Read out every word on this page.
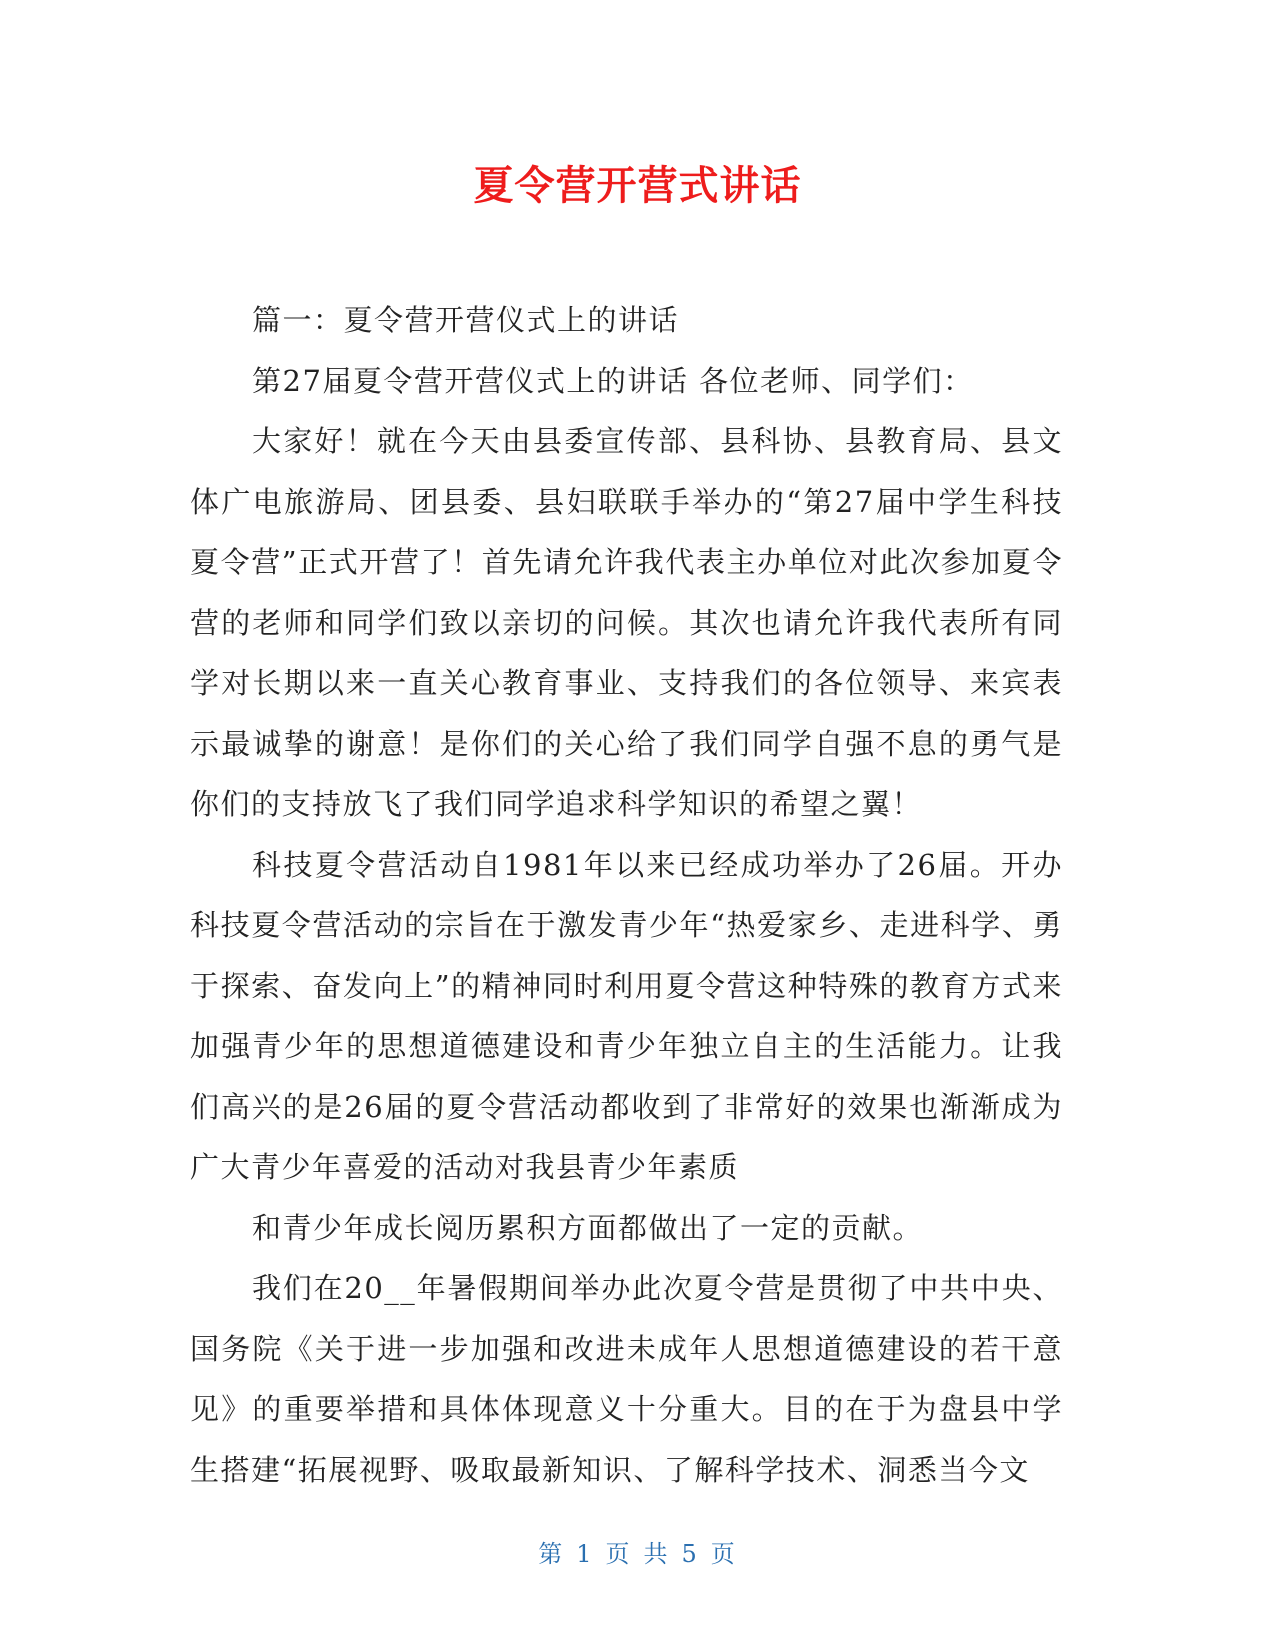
夏令营开营式讲话

篇一：夏令营开营仪式上的讲话

第27届夏令营开营仪式上的讲话 各位老师、同学们：

大家好！就在今天由县委宣传部、县科协、县教育局、县文体广电旅游局、团县委、县妇联联手举办的“第27届中学生科技夏令营”正式开营了！首先请允许我代表主办单位对此次参加夏令营的老师和同学们致以亲切的问候。其次也请允许我代表所有同学对长期以来一直关心教育事业、支持我们的各位领导、来宾表示最诚挚的谢意！是你们的关心给了我们同学自强不息的勇气是你们的支持放飞了我们同学追求科学知识的希望之翼！

科技夏令营活动自1981年以来已经成功举办了26届。开办科技夏令营活动的宗旨在于激发青少年“热爱家乡、走进科学、勇于探索、奋发向上”的精神同时利用夏令营这种特殊的教育方式来加强青少年的思想道德建设和青少年独立自主的生活能力。让我们高兴的是26届的夏令营活动都收到了非常好的效果也渐渐成为广大青少年喜爱的活动对我县青少年素质

和青少年成长阅历累积方面都做出了一定的贡献。

我们在20__年暑假期间举办此次夏令营是贯彻了中共中央、国务院《关于进一步加强和改进未成年人思想道德建设的若干意见》的重要举措和具体体现意义十分重大。目的在于为盘县中学生搭建“拓展视野、吸取最新知识、了解科学技术、洞悉当今文

第 1 页 共 5 页
